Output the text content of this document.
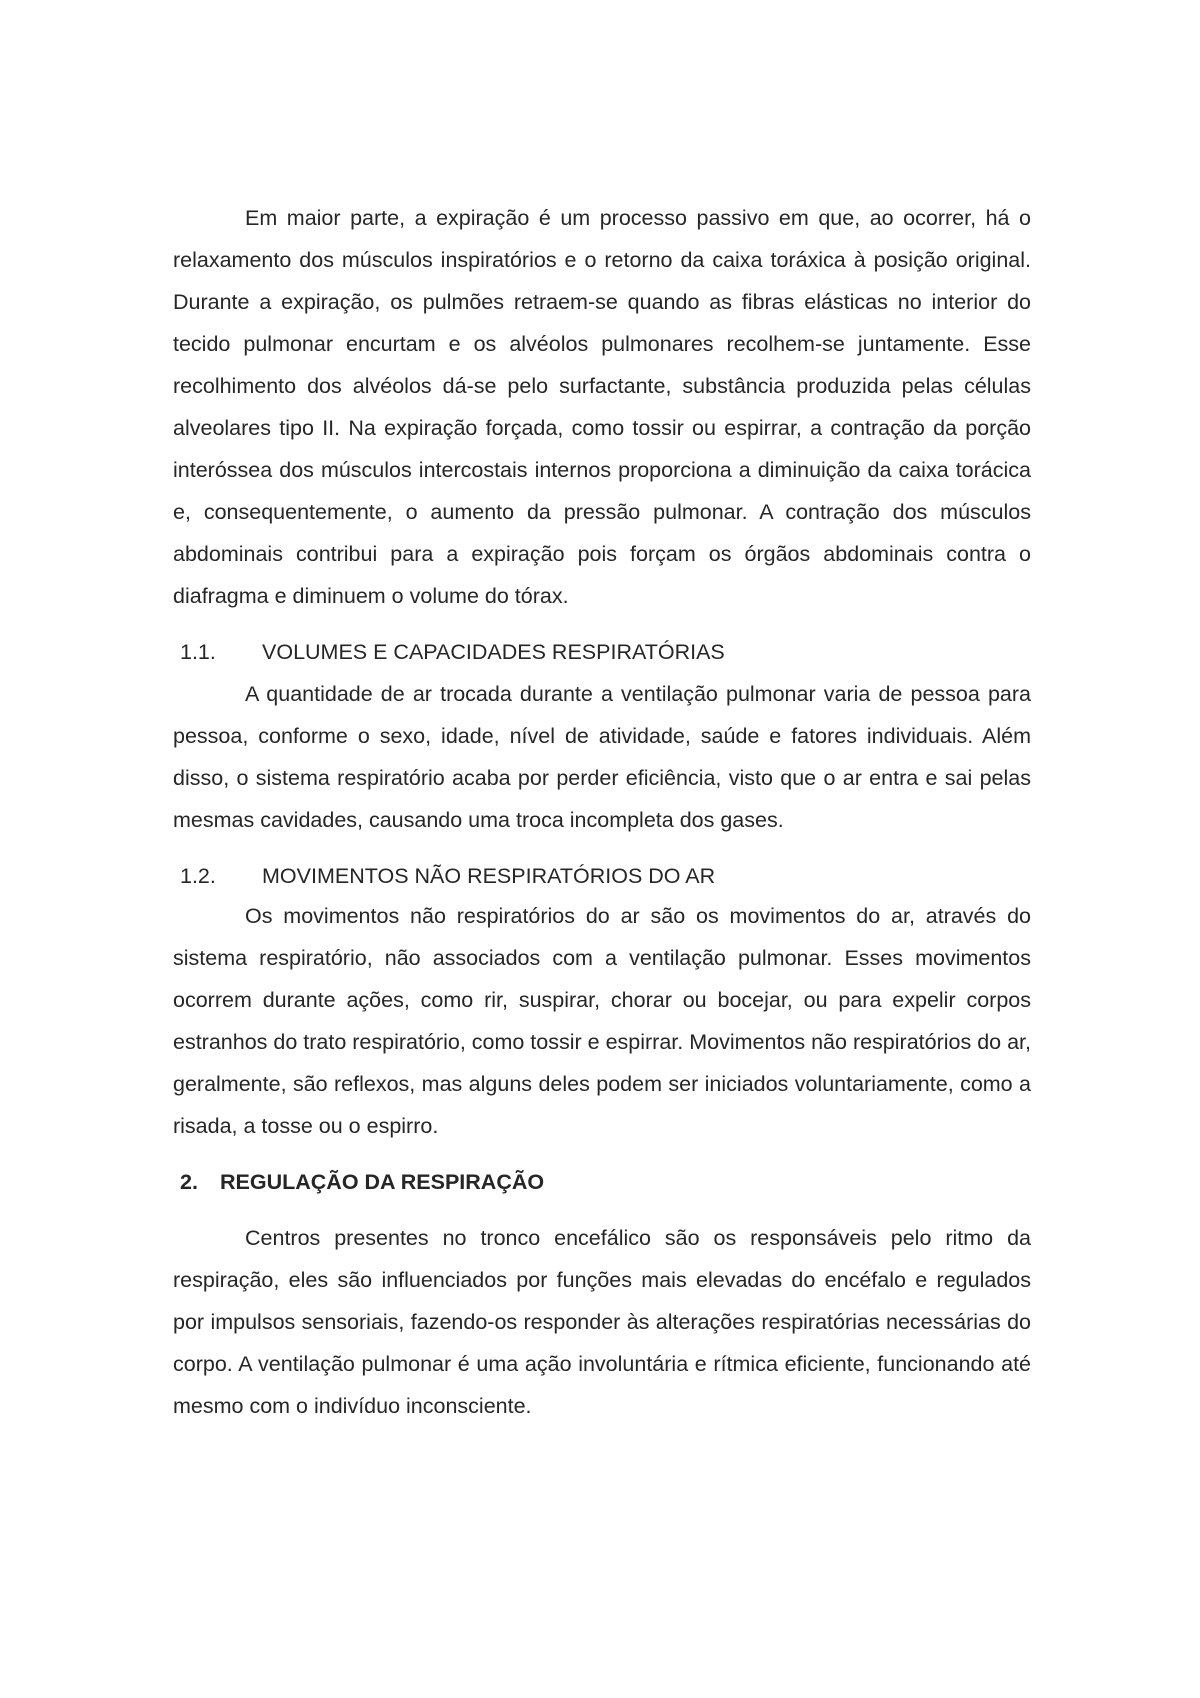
Em maior parte, a expiração é um processo passivo em que, ao ocorrer, há o relaxamento dos músculos inspiratórios e o retorno da caixa toráxica à posição original. Durante a expiração, os pulmões retraem-se quando as fibras elásticas no interior do tecido pulmonar encurtam e os alvéolos pulmonares recolhem-se juntamente. Esse recolhimento dos alvéolos dá-se pelo surfactante, substância produzida pelas células alveolares tipo II. Na expiração forçada, como tossir ou espirrar, a contração da porção interóssea dos músculos intercostais internos proporciona a diminuição da caixa torácica e, consequentemente, o aumento da pressão pulmonar. A contração dos músculos abdominais contribui para a expiração pois forçam os órgãos abdominais contra o diafragma e diminuem o volume do tórax.

1.1.	VOLUMES E CAPACIDADES RESPIRATÓRIAS

A quantidade de ar trocada durante a ventilação pulmonar varia de pessoa para pessoa, conforme o sexo, idade, nível de atividade, saúde e fatores individuais. Além disso, o sistema respiratório acaba por perder eficiência, visto que o ar entra e sai pelas mesmas cavidades, causando uma troca incompleta dos gases.

1.2.	MOVIMENTOS NÃO RESPIRATÓRIOS DO AR

Os movimentos não respiratórios do ar são os movimentos do ar, através do sistema respiratório, não associados com a ventilação pulmonar. Esses movimentos ocorrem durante ações, como rir, suspirar, chorar ou bocejar, ou para expelir corpos estranhos do trato respiratório, como tossir e espirrar. Movimentos não respiratórios do ar, geralmente, são reflexos, mas alguns deles podem ser iniciados voluntariamente, como a risada, a tosse ou o espirro.

2.	REGULAÇÃO DA RESPIRAÇÃO

Centros presentes no tronco encefálico são os responsáveis pelo ritmo da respiração, eles são influenciados por funções mais elevadas do encéfalo e regulados por impulsos sensoriais, fazendo-os responder às alterações respiratórias necessárias do corpo. A ventilação pulmonar é uma ação involuntária e rítmica eficiente, funcionando até mesmo com o indivíduo inconsciente.
